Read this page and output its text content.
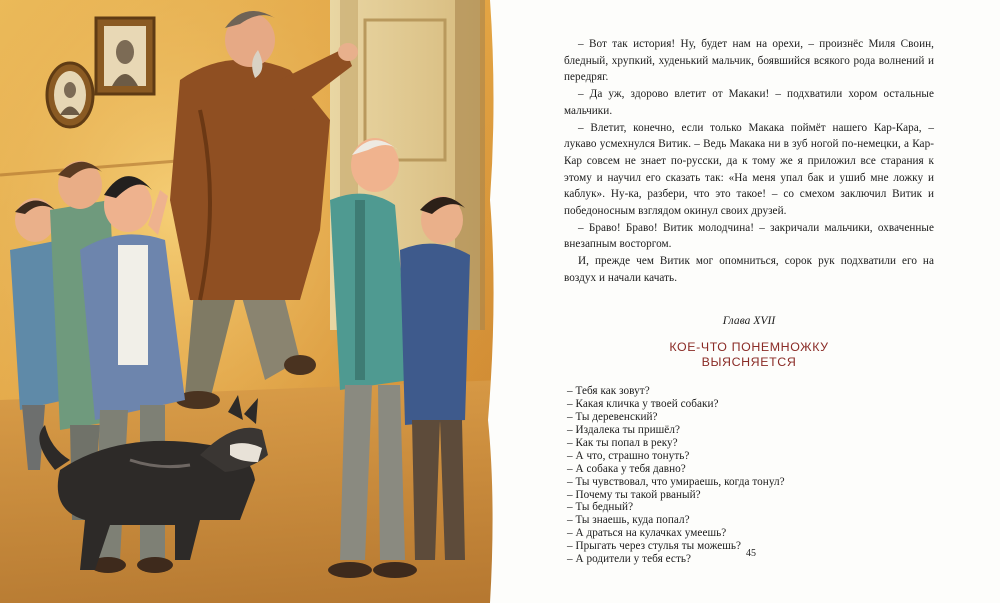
– Вот так история! Ну, будет нам на орехи, – произнёс Миля Своин, бледный, хрупкий, худенький мальчик, боявшийся всякого рода волнений и передряг.

– Да уж, здорово влетит от Макаки! – подхватили хором остальные мальчики.

– Влетит, конечно, если только Макака поймёт нашего Кар-Кара, – лукаво усмехнулся Витик. – Ведь Макака ни в зуб ногой по-немецки, а Кар-Кар совсем не знает по-русски, да к тому же я приложил все старания к этому и научил его сказать так: «На меня упал бак и ушиб мне ложку и каблук». Ну-ка, разбери, что это такое! – со смехом заключил Витик и победоносным взглядом окинул своих друзей.

– Браво! Браво! Витик молодчина! – закричали мальчики, охваченные внезапным восторгом.

И, прежде чем Витик мог опомниться, сорок рук подхватили его на воздух и начали качать.

Глава XVII
КОЕ-ЧТО ПОНЕМНОЖКУ
ВЫЯСНЯЕТСЯ

– Тебя как зовут?

– Какая кличка у твоей собаки?

– Ты деревенский?

– Издалека ты пришёл?

– Как ты попал в реку?

– А что, страшно тонуть?

– А собака у тебя давно?

– Ты чувствовал, что умираешь, когда тонул?

– Почему ты такой рваный?

– Ты бедный?

– Ты знаешь, куда попал?

– А драться на кулачках умеешь?

– Прыгать через стулья ты можешь?

– А родители у тебя есть?	45
